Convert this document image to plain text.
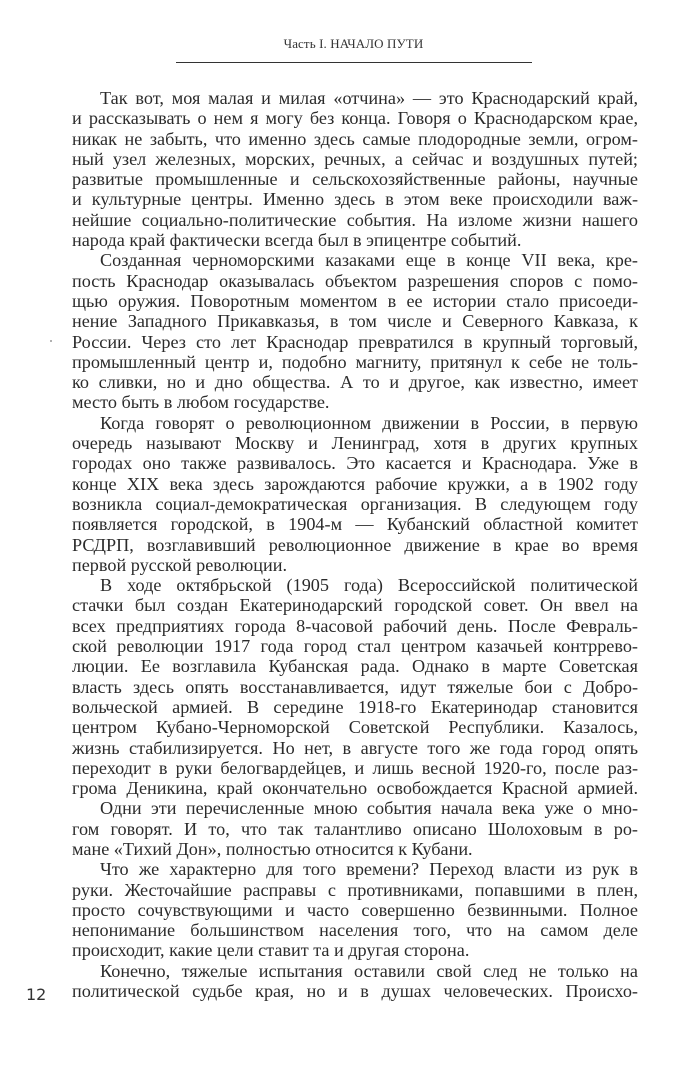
Часть I. НАЧАЛО ПУТИ
Так вот, моя малая и милая «отчина» — это Краснодарский край,
и рассказывать о нем я могу без конца. Говоря о Краснодарском крае,
никак не забыть, что именно здесь самые плодородные земли, огром-
ный узел железных, морских, речных, а сейчас и воздушных путей;
развитые промышленные и сельскохозяйственные районы, научные
и культурные центры. Именно здесь в этом веке происходили важ-
нейшие социально-политические события. На изломе жизни нашего
народа край фактически всегда был в эпицентре событий.
Созданная черноморскими казаками еще в конце VII века, кре-
пость Краснодар оказывалась объектом разрешения споров с помо-
щью оружия. Поворотным моментом в ее истории стало присоеди-
нение Западного Прикавказья, в том числе и Северного Кавказа, к
России. Через сто лет Краснодар превратился в крупный торговый,
промышленный центр и, подобно магниту, притянул к себе не толь-
ко сливки, но и дно общества. А то и другое, как известно, имеет
место быть в любом государстве.
Когда говорят о революционном движении в России, в первую
очередь называют Москву и Ленинград, хотя в других крупных
городах оно также развивалось. Это касается и Краснодара. Уже в
конце XIX века здесь зарождаются рабочие кружки, а в 1902 году
возникла социал-демократическая организация. В следующем году
появляется городской, в 1904-м — Кубанский областной комитет
РСДРП, возглавивший революционное движение в крае во время
первой русской революции.
В ходе октябрьской (1905 года) Всероссийской политической
стачки был создан Екатеринодарский городской совет. Он ввел на
всех предприятиях города 8-часовой рабочий день. После Февраль-
ской революции 1917 года город стал центром казачьей контррево-
люции. Ее возглавила Кубанская рада. Однако в марте Советская
власть здесь опять восстанавливается, идут тяжелые бои с Добро-
вольческой армией. В середине 1918-го Екатеринодар становится
центром Кубано-Черноморской Советской Республики. Казалось,
жизнь стабилизируется. Но нет, в августе того же года город опять
переходит в руки белогвардейцев, и лишь весной 1920-го, после раз-
грома Деникина, край окончательно освобождается Красной армией.
Одни эти перечисленные мною события начала века уже о мно-
гом говорят. И то, что так талантливо описано Шолоховым в ро-
мане «Тихий Дон», полностью относится к Кубани.
Что же характерно для того времени? Переход власти из рук в
руки. Жесточайшие расправы с противниками, попавшими в плен,
просто сочувствующими и часто совершенно безвинными. Полное
непонимание большинством населения того, что на самом деле
происходит, какие цели ставит та и другая сторона.
Конечно, тяжелые испытания оставили свой след не только на
политической судьбе края, но и в душах человеческих. Происхо-
12
